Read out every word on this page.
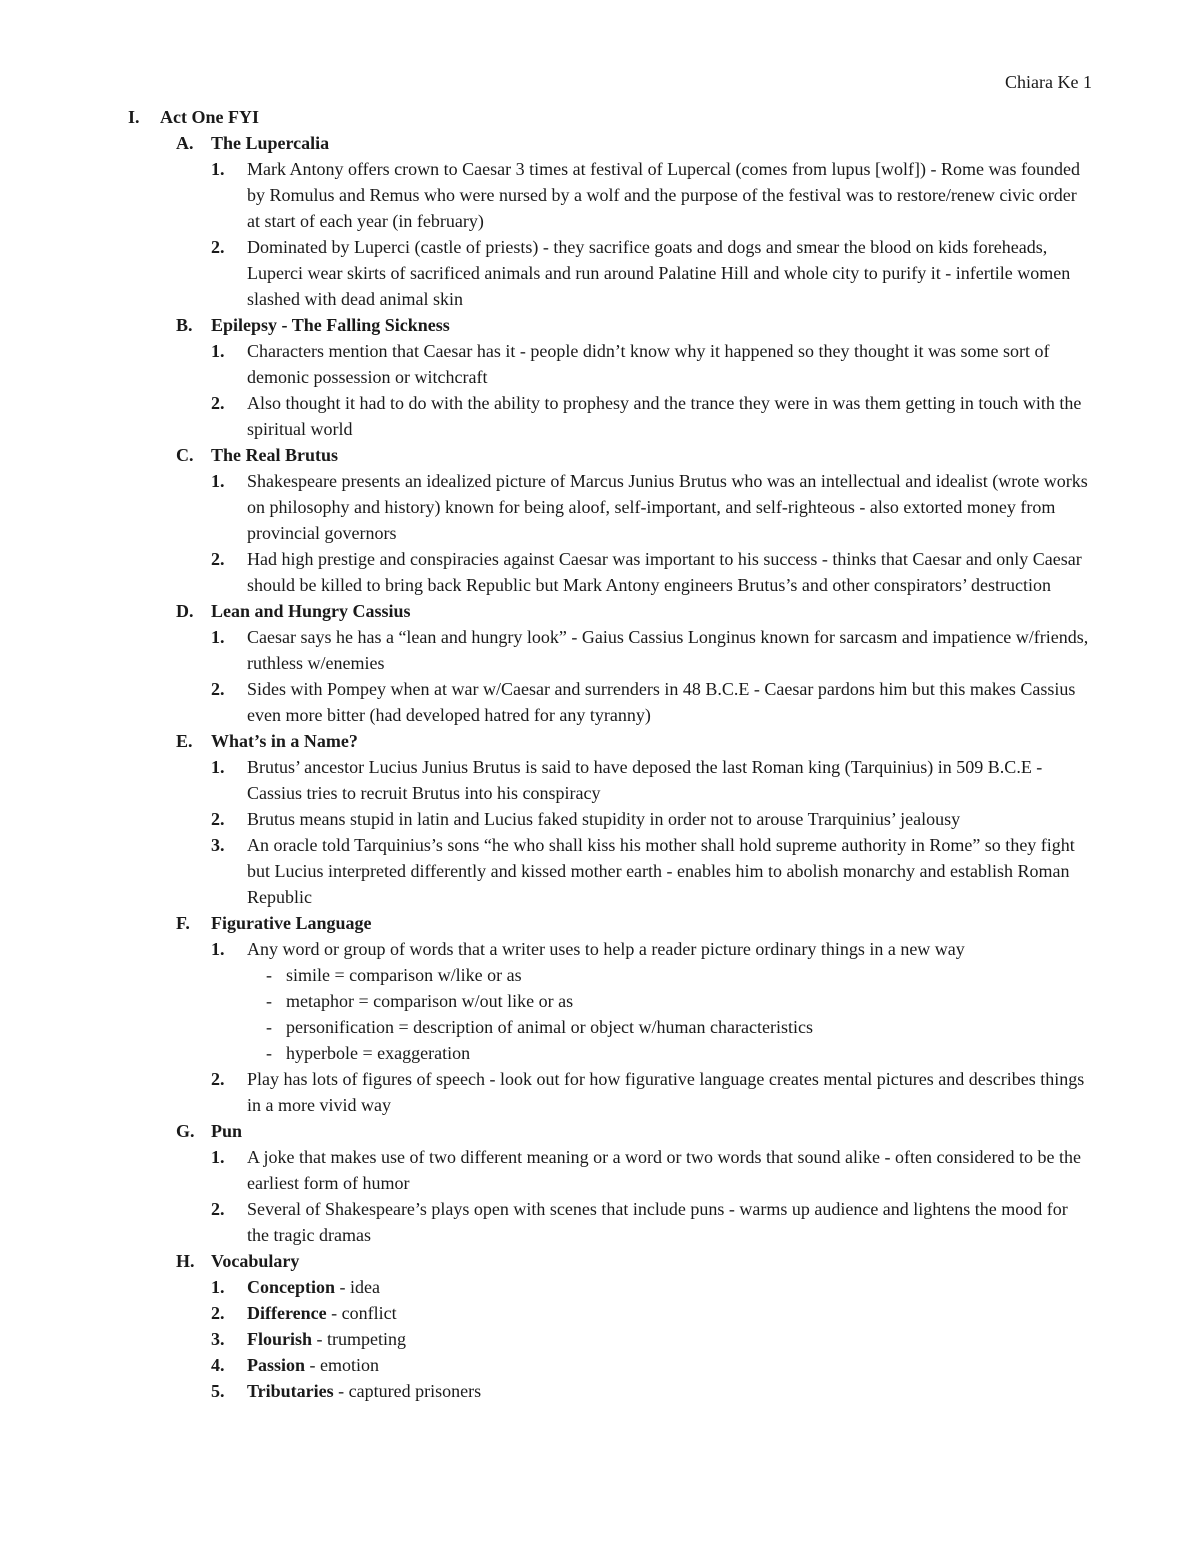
Chiara Ke 1
I. Act One FYI
A. The Lupercalia
1. Mark Antony offers crown to Caesar 3 times at festival of Lupercal (comes from lupus [wolf]) - Rome was founded by Romulus and Remus who were nursed by a wolf and the purpose of the festival was to restore/renew civic order at start of each year (in february)
2. Dominated by Luperci (castle of priests) - they sacrifice goats and dogs and smear the blood on kids foreheads, Luperci wear skirts of sacrificed animals and run around Palatine Hill and whole city to purify it - infertile women slashed with dead animal skin
B. Epilepsy - The Falling Sickness
1. Characters mention that Caesar has it - people didn’t know why it happened so they thought it was some sort of demonic possession or witchcraft
2. Also thought it had to do with the ability to prophesy and the trance they were in was them getting in touch with the spiritual world
C. The Real Brutus
1. Shakespeare presents an idealized picture of Marcus Junius Brutus who was an intellectual and idealist (wrote works on philosophy and history) known for being aloof, self-important, and self-righteous - also extorted money from provincial governors
2. Had high prestige and conspiracies against Caesar was important to his success - thinks that Caesar and only Caesar should be killed to bring back Republic but Mark Antony engineers Brutus’s and other conspirators’ destruction
D. Lean and Hungry Cassius
1. Caesar says he has a “lean and hungry look” - Gaius Cassius Longinus known for sarcasm and impatience w/friends, ruthless w/enemies
2. Sides with Pompey when at war w/Caesar and surrenders in 48 B.C.E - Caesar pardons him but this makes Cassius even more bitter (had developed hatred for any tyranny)
E. What’s in a Name?
1. Brutus’ ancestor Lucius Junius Brutus is said to have deposed the last Roman king (Tarquinius) in 509 B.C.E - Cassius tries to recruit Brutus into his conspiracy
2. Brutus means stupid in latin and Lucius faked stupidity in order not to arouse Trarquinius’ jealousy
3. An oracle told Tarquinius’s sons “he who shall kiss his mother shall hold supreme authority in Rome” so they fight but Lucius interpreted differently and kissed mother earth - enables him to abolish monarchy and establish Roman Republic
F. Figurative Language
1. Any word or group of words that a writer uses to help a reader picture ordinary things in a new way
- simile = comparison w/like or as
- metaphor = comparison w/out like or as
- personification = description of animal or object w/human characteristics
- hyperbole = exaggeration
2. Play has lots of figures of speech - look out for how figurative language creates mental pictures and describes things in a more vivid way
G. Pun
1. A joke that makes use of two different meaning or a word or two words that sound alike - often considered to be the earliest form of humor
2. Several of Shakespeare’s plays open with scenes that include puns - warms up audience and lightens the mood for the tragic dramas
H. Vocabulary
1. Conception - idea
2. Difference - conflict
3. Flourish - trumpeting
4. Passion - emotion
5. Tributaries - captured prisoners
